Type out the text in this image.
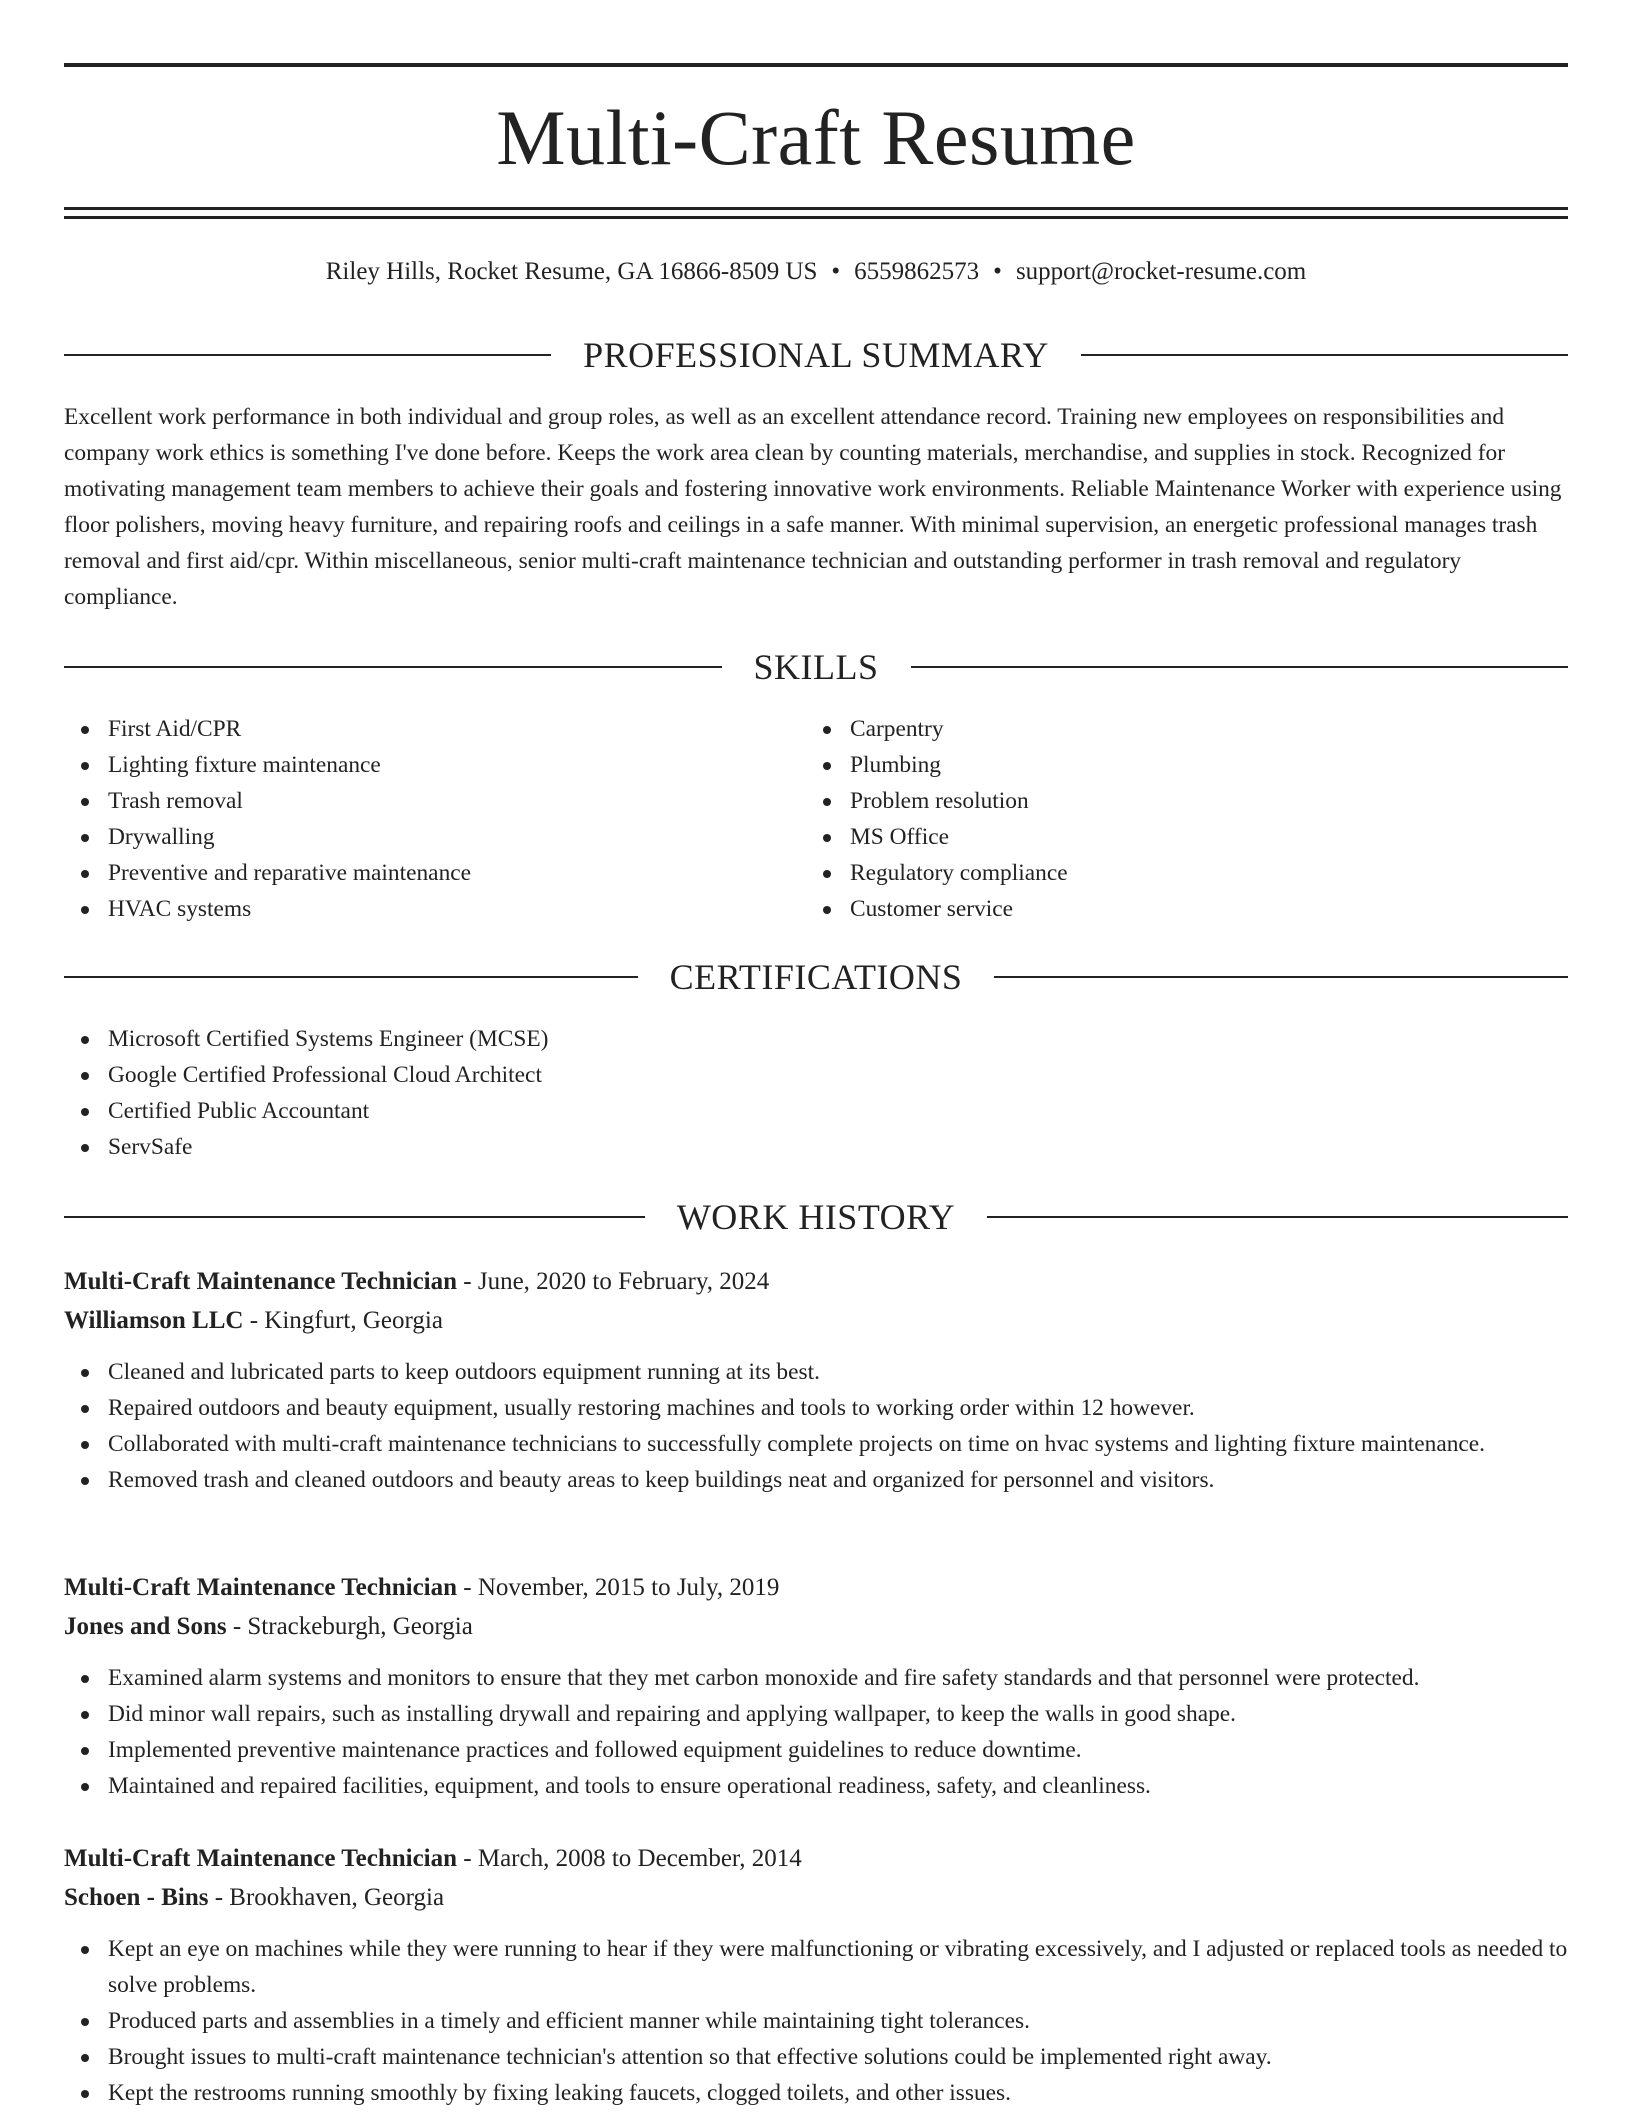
Multi-Craft Resume
Riley Hills, Rocket Resume, GA 16866-8509 US • 6559862573 • support@rocket-resume.com
PROFESSIONAL SUMMARY

Excellent work performance in both individual and group roles, as well as an excellent attendance record. Training new employees on responsibilities and company work ethics is something I've done before. Keeps the work area clean by counting materials, merchandise, and supplies in stock. Recognized for motivating management team members to achieve their goals and fostering innovative work environments. Reliable Maintenance Worker with experience using floor polishers, moving heavy furniture, and repairing roofs and ceilings in a safe manner. With minimal supervision, an energetic professional manages trash removal and first aid/cpr. Within miscellaneous, senior multi-craft maintenance technician and outstanding performer in trash removal and regulatory compliance.

SKILLS
First Aid/CPR
Lighting fixture maintenance
Trash removal
Drywalling
Preventive and reparative maintenance
HVAC systems
Carpentry
Plumbing
Problem resolution
MS Office
Regulatory compliance
Customer service
CERTIFICATIONS
Microsoft Certified Systems Engineer (MCSE)
Google Certified Professional Cloud Architect
Certified Public Accountant
ServSafe
WORK HISTORY
Multi-Craft Maintenance Technician - June, 2020 to February, 2024
Williamson LLC - Kingfurt, Georgia
Cleaned and lubricated parts to keep outdoors equipment running at its best.
Repaired outdoors and beauty equipment, usually restoring machines and tools to working order within 12 however.
Collaborated with multi-craft maintenance technicians to successfully complete projects on time on hvac systems and lighting fixture maintenance.
Removed trash and cleaned outdoors and beauty areas to keep buildings neat and organized for personnel and visitors.
Multi-Craft Maintenance Technician - November, 2015 to July, 2019
Jones and Sons - Strackeburgh, Georgia
Examined alarm systems and monitors to ensure that they met carbon monoxide and fire safety standards and that personnel were protected.
Did minor wall repairs, such as installing drywall and repairing and applying wallpaper, to keep the walls in good shape.
Implemented preventive maintenance practices and followed equipment guidelines to reduce downtime.
Maintained and repaired facilities, equipment, and tools to ensure operational readiness, safety, and cleanliness.
Multi-Craft Maintenance Technician - March, 2008 to December, 2014
Schoen - Bins - Brookhaven, Georgia
Kept an eye on machines while they were running to hear if they were malfunctioning or vibrating excessively, and I adjusted or replaced tools as needed to solve problems.
Produced parts and assemblies in a timely and efficient manner while maintaining tight tolerances.
Brought issues to multi-craft maintenance technician's attention so that effective solutions could be implemented right away.
Kept the restrooms running smoothly by fixing leaking faucets, clogged toilets, and other issues.
